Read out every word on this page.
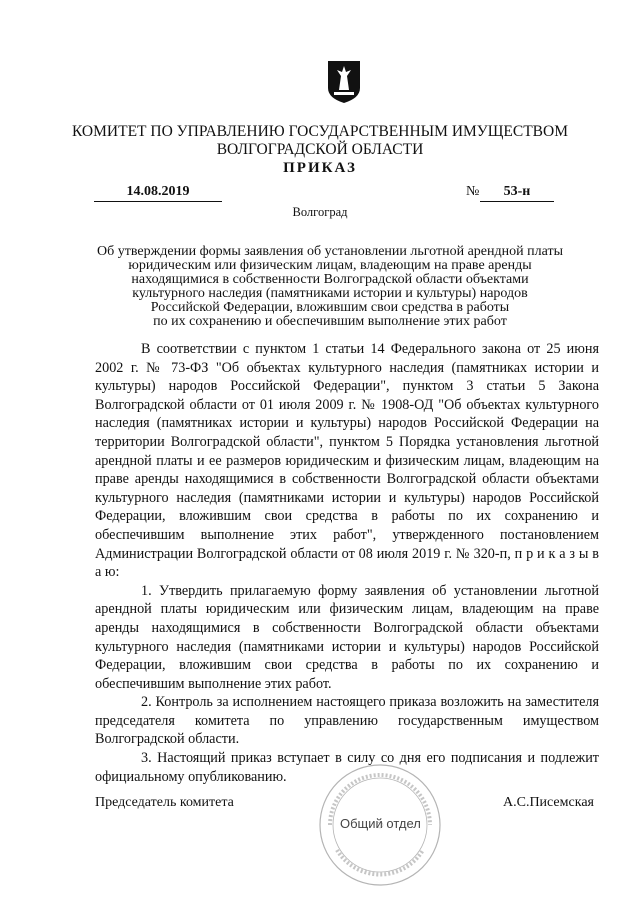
КОМИТЕТ ПО УПРАВЛЕНИЮ ГОСУДАРСТВЕННЫМ ИМУЩЕСТВОМ
ВОЛГОГРАДСКОЙ ОБЛАСТИ
ПРИКАЗ
14.08.2019	№	53-н
Волгоград
Об утверждении формы заявления об установлении льготной арендной платы
юридическим или физическим лицам, владеющим на праве аренды
находящимися в собственности Волгоградской области объектами
культурного наследия (памятниками истории и культуры) народов
Российской Федерации, вложившим свои средства в работы
по их сохранению и обеспечившим выполнение этих работ

В соответствии с пунктом 1 статьи 14 Федерального закона от 25 июня 2002 г. № 73-ФЗ "Об объектах культурного наследия (памятниках истории и культуры) народов Российской Федерации", пунктом 3 статьи 5 Закона Волгоградской области от 01 июля 2009 г. № 1908-ОД "Об объектах культурного наследия (памятниках истории и культуры) народов Российской Федерации на территории Волгоградской области", пунктом 5 Порядка установления льготной арендной платы и ее размеров юридическим и физическим лицам, владеющим на праве аренды находящимися в собственности Волгоградской области объектами культурного наследия (памятниками истории и культуры) народов Российской Федерации, вложившим свои средства в работы по их сохранению и обеспечившим выполнение этих работ", утвержденного постановлением Администрации Волгоградской области от 08 июля 2019 г. № 320-п, п р и к а з ы в а ю:

1. Утвердить прилагаемую форму заявления об установлении льготной арендной платы юридическим или физическим лицам, владеющим на праве аренды находящимися в собственности Волгоградской области объектами культурного наследия (памятниками истории и культуры) народов Российской Федерации, вложившим свои средства в работы по их сохранению и обеспечившим выполнение этих работ.

2. Контроль за исполнением настоящего приказа возложить на заместителя председателя комитета по управлению государственным имуществом Волгоградской области.

3. Настоящий приказ вступает в силу со дня его подписания и подлежит официальному опубликованию.

Председатель комитета
Общий отдел
А.С.Писемская
